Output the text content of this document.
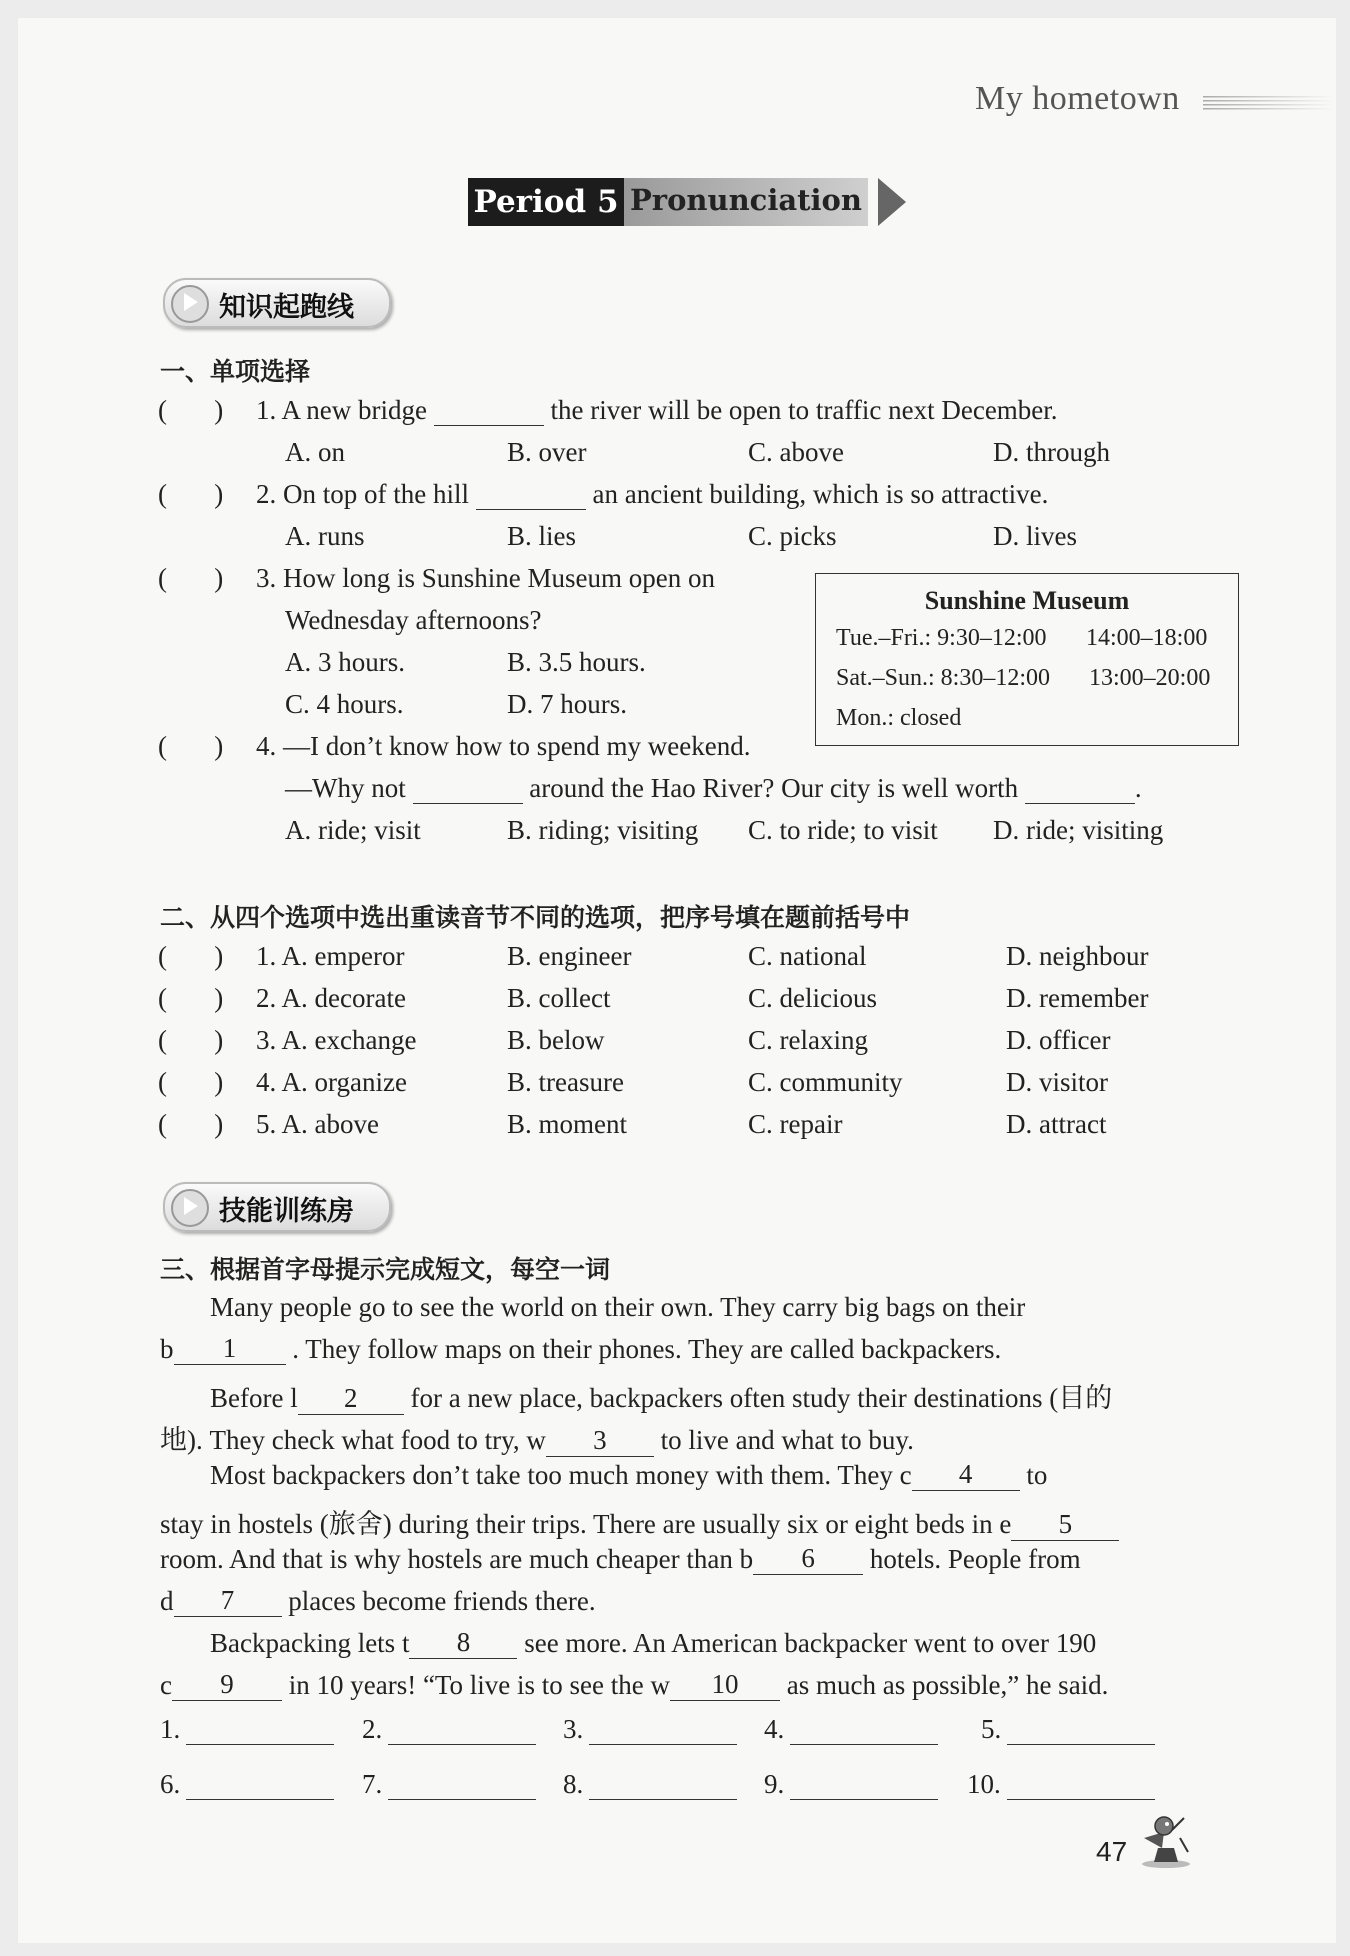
My hometown
Period 5 Pronunciation
知识起跑线
一、单项选择
(       ) 1. A new bridge	the river will be open to traffic next December.
A. on	B. over	C. above	D. through
(       ) 2. On top of the hill	an ancient building, which is so attractive.
A. runs	B. lies	C. picks	D. lives
(       ) 3. How long is Sunshine Museum open on
Wednesday afternoons?
A. 3 hours.	B. 3.5 hours.
C. 4 hours.	D. 7 hours.
Sunshine Museum
Tue.–Fri.: 9:30–12:00 14:00–18:00
Sat.–Sun.: 8:30–12:00 13:00–20:00
Mon.: closed
(       ) 4. —I don’t know how to spend my weekend.
—Why not	around the Hao River? Our city is well worth	.
A. ride; visit	B. riding; visiting C. to ride; to visit D. ride; visiting
二、从四个选项中选出重读音节不同的选项，把序号填在题前括号中
(       ) 1. A. emperor	B. engineer	C. national	D. neighbour
(       ) 2. A. decorate	B. collect	C. delicious	D. remember
(       ) 3. A. exchange	B. below	C. relaxing	D. officer
(       ) 4. A. organize	B. treasure	C. community	D. visitor
(       ) 5. A. above	B. moment	C. repair	D. attract
技能训练房
三、根据首字母提示完成短文，每空一词
Many people go to see the world on their own. They carry big bags on their
b 1 . They follow maps on their phones. They are called backpackers.
Before l 2 for a new place, backpackers often study their destinations (目的
地). They check what food to try, w 3 to live and what to buy.
Most backpackers don’t take too much money with them. They c 4 to
stay in hostels (旅舍) during their trips. There are usually six or eight beds in e 5
room. And that is why hostels are much cheaper than b 6 hotels. People from
d 7 places become friends there.
Backpacking lets t 8 see more. An American backpacker went to over 190
c 9 in 10 years! “To live is to see the w 10 as much as possible,” he said.
1.	2.	3.	4.	5.
6.	7.	8.	9.	10.
47
